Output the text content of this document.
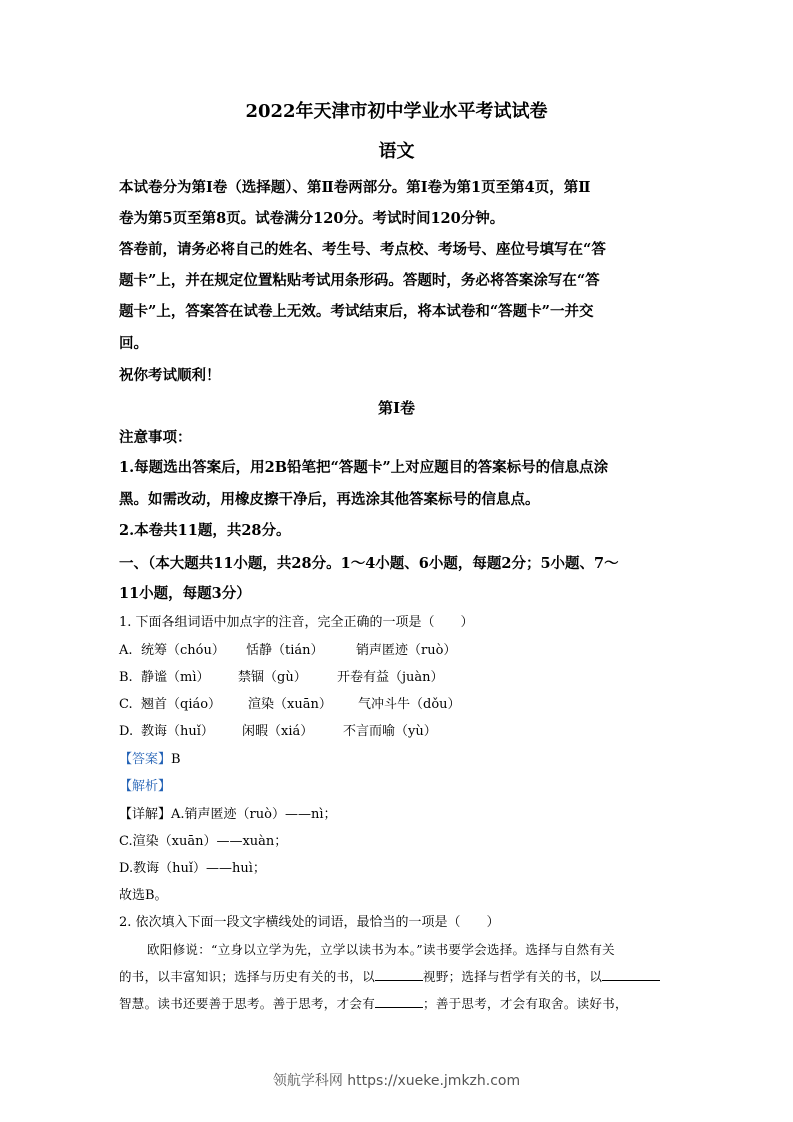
2022年天津市初中学业水平考试试卷
语文
本试卷分为第Ⅰ卷（选择题）、第Ⅱ卷两部分。第Ⅰ卷为第1页至第4页，第Ⅱ
卷为第5页至第8页。试卷满分120分。考试时间120分钟。
答卷前，请务必将自己的姓名、考生号、考点校、考场号、座位号填写在“答
题卡”上，并在规定位置粘贴考试用条形码。答题时，务必将答案涂写在“答
题卡”上，答案答在试卷上无效。考试结束后，将本试卷和“答题卡”一并交
回。
祝你考试顺利！
第Ⅰ卷
注意事项：
1.每题选出答案后，用2B铅笔把“答题卡”上对应题目的答案标号的信息点涂
黑。如需改动，用橡皮擦干净后，再选涂其他答案标号的信息点。
2.本卷共11题，共28分。
一、（本大题共11小题，共28分。1～4小题、6小题，每题2分；5小题、7～
11小题，每题3分）
1. 下面各组词语中加点字的注音，完全正确的一项是（　　）
A. 统筹（chóu） 恬静（tián） 销声匿迹（ruò）
B. 静谧（mì） 禁锢（gù） 开卷有益（juàn）
C. 翘首（qiáo） 渲染（xuān） 气冲斗牛（dǒu）
D. 教诲（huǐ） 闲暇（xiá） 不言而喻（yù）
【答案】B
【解析】
【详解】A.销声匿迹（ruò）——nì；
C.渲染（xuān）——xuàn；
D.教诲（huǐ）——huì；
故选B。
2. 依次填入下面一段文字横线处的词语，最恰当的一项是（　　）
欧阳修说：“立身以立学为先，立学以读书为本。”读书要学会选择。选择与自然有关
的书，以丰富知识；选择与历史有关的书，以	视野；选择与哲学有关的书，以
智慧。读书还要善于思考。善于思考，才会有	；善于思考，才会有取舍。读好书，
领航学科网 https://xueke.jmkzh.com
